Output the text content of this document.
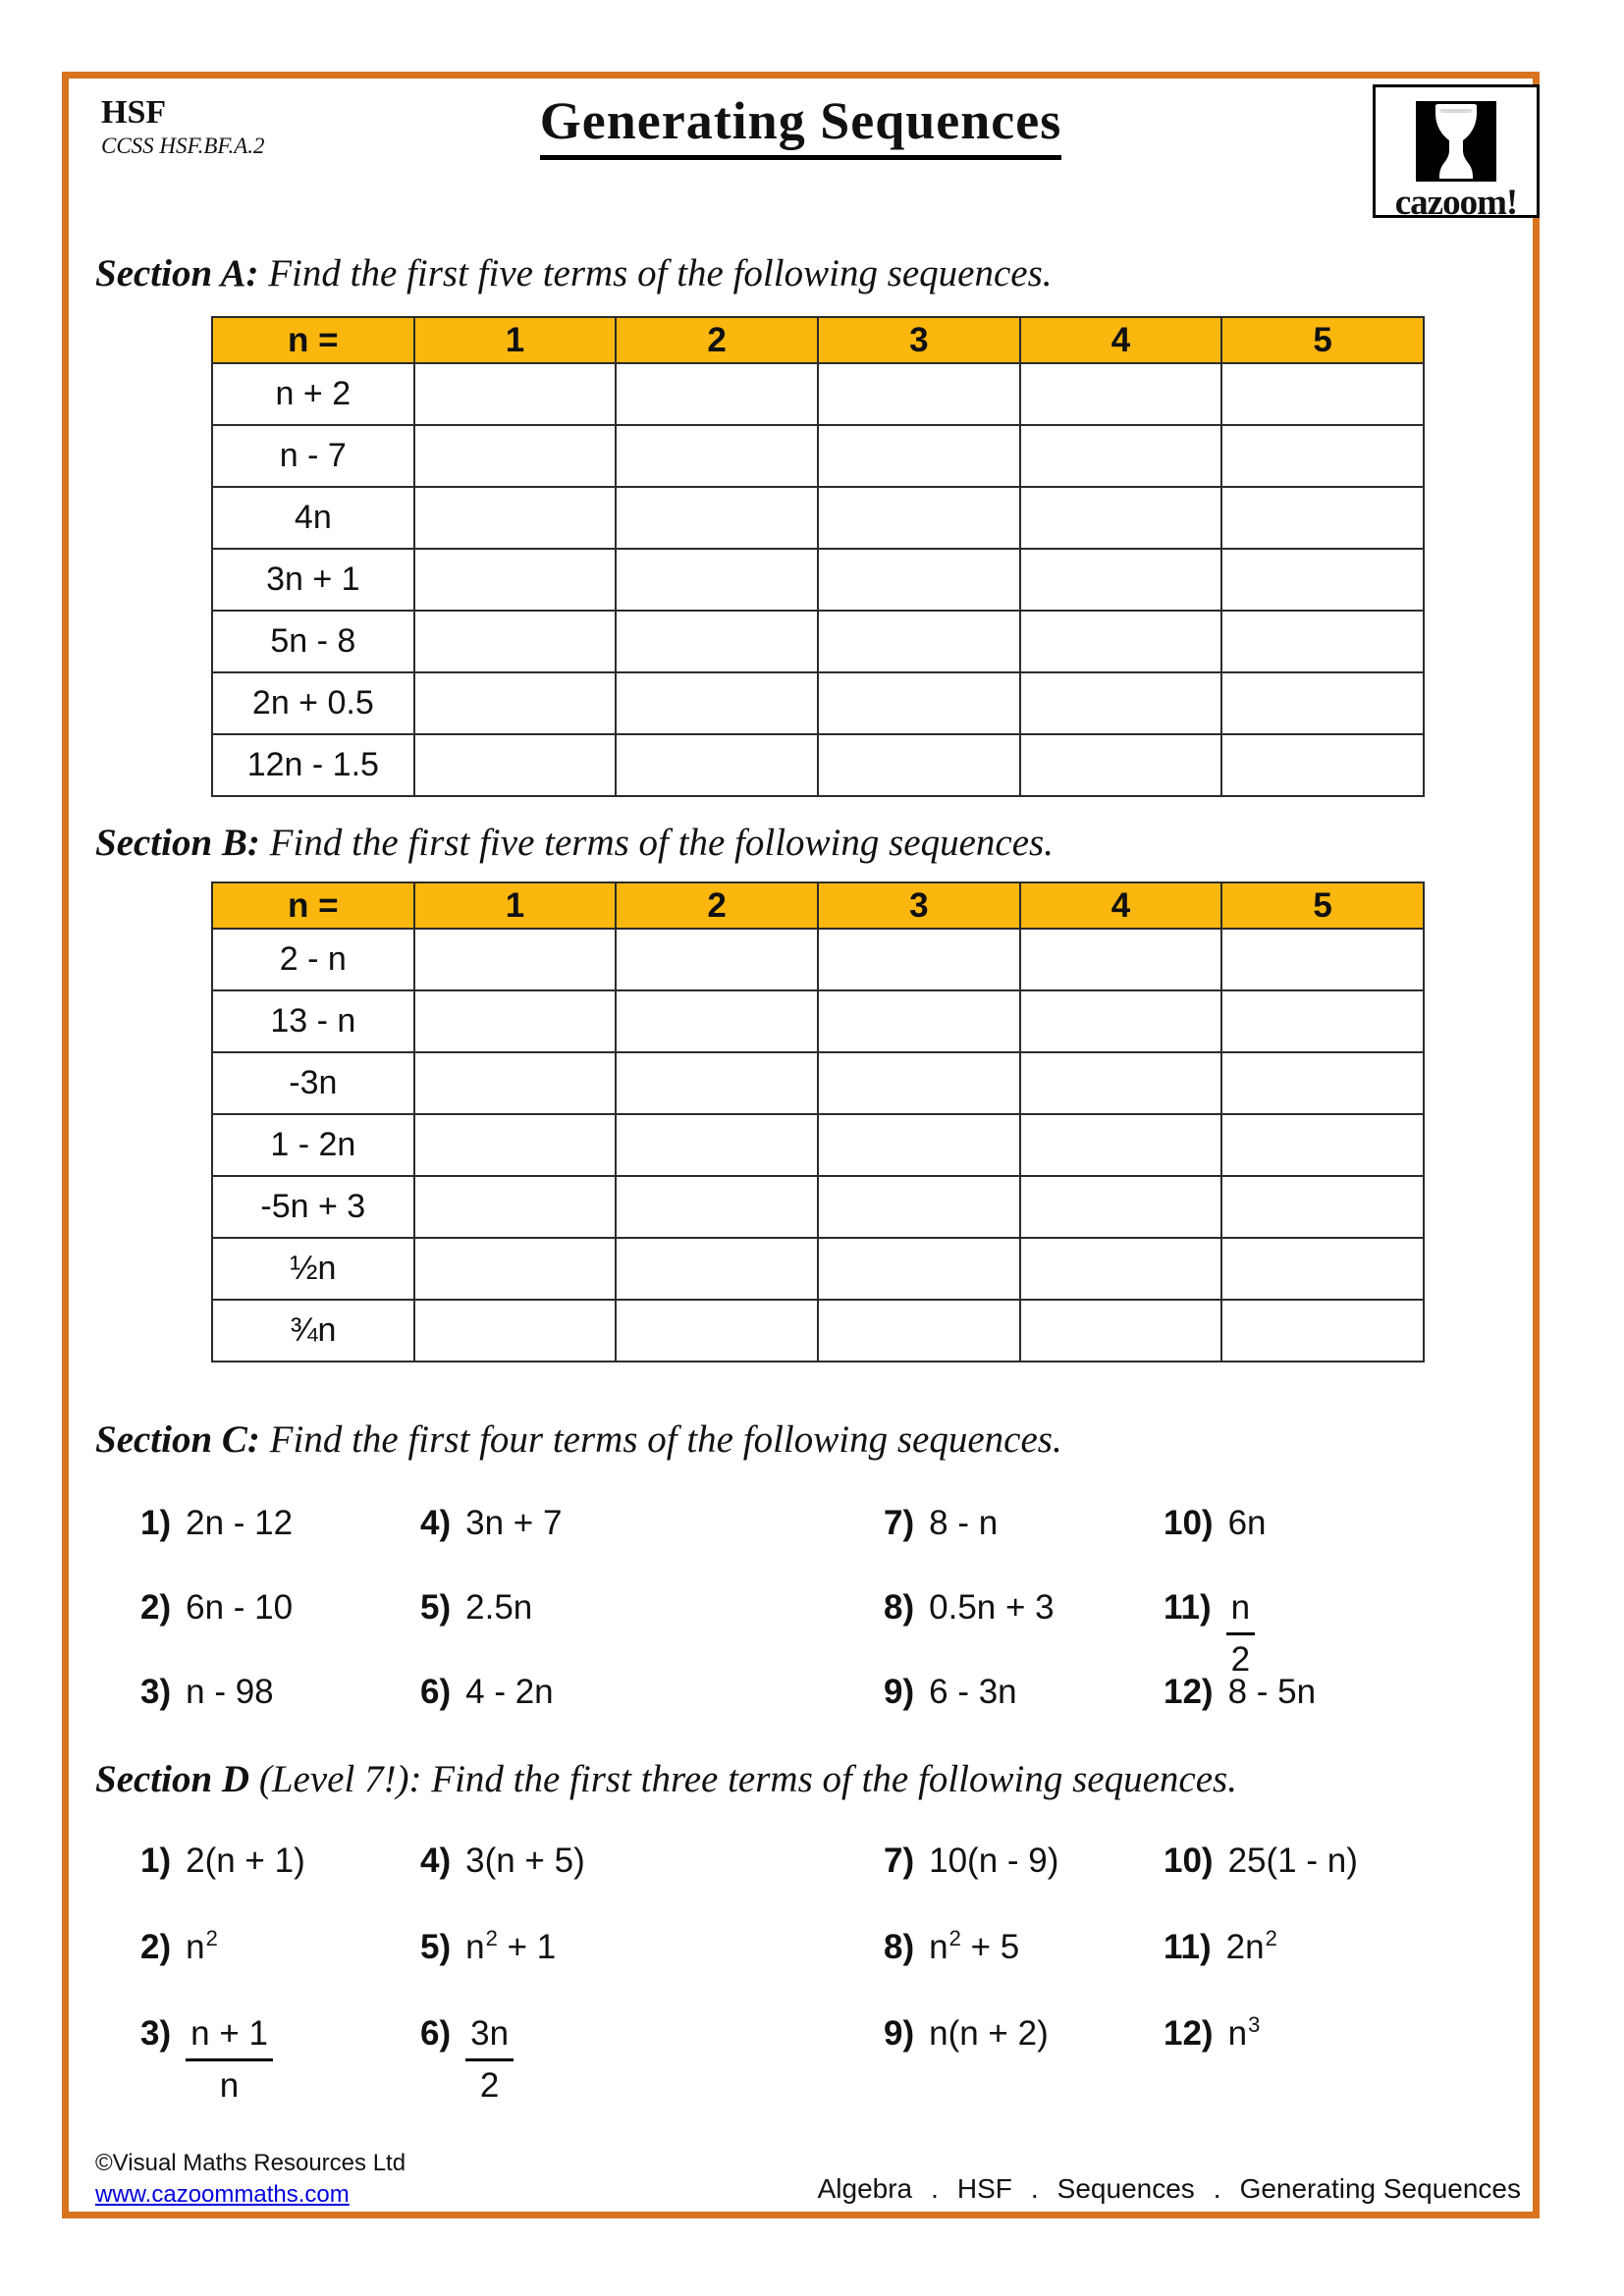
HSF
CCSS HSF.BF.A.2	Generating Sequences
cazoom!
Section A: Find the first five terms of the following sequences.
n =	1	2	3	4	5
n + 2					
n - 7					
4n					
3n + 1					
5n - 8					
2n + 0.5					
12n - 1.5					
Section B: Find the first five terms of the following sequences.
n =	1	2	3	4	5
2 - n					
13 - n					
-3n					
1 - 2n					
-5n + 3					
½n					
¾n					
Section C: Find the first four terms of the following sequences.
1) 2n - 12
2) 6n - 10
3) n - 98
4) 3n + 7
5) 2.5n
6) 4 - 2n
7) 8 - n
8) 0.5n + 3
9) 6 - 3n
10) 6n
$11) \frac{n}{2}$
12) 8 - 5n
Section D (Level 7!): Find the first three terms of the following sequences.
1) 2(n + 1)
2) $n^2$
$3) \frac{n + 1}{n}$
4) 3(n + 5)
5) $n^2 + 1$
$6) \frac{3n}{2}$
7) 10(n - 9)
8) $n^2 + 5$
9) n(n + 2)
10) 25(1 - n)
11) $2n^2$
12) $n^3$
©Visual Maths Resources Ltd
www.cazoommaths.com	Algebra . HSF . Sequences . Generating Sequences
